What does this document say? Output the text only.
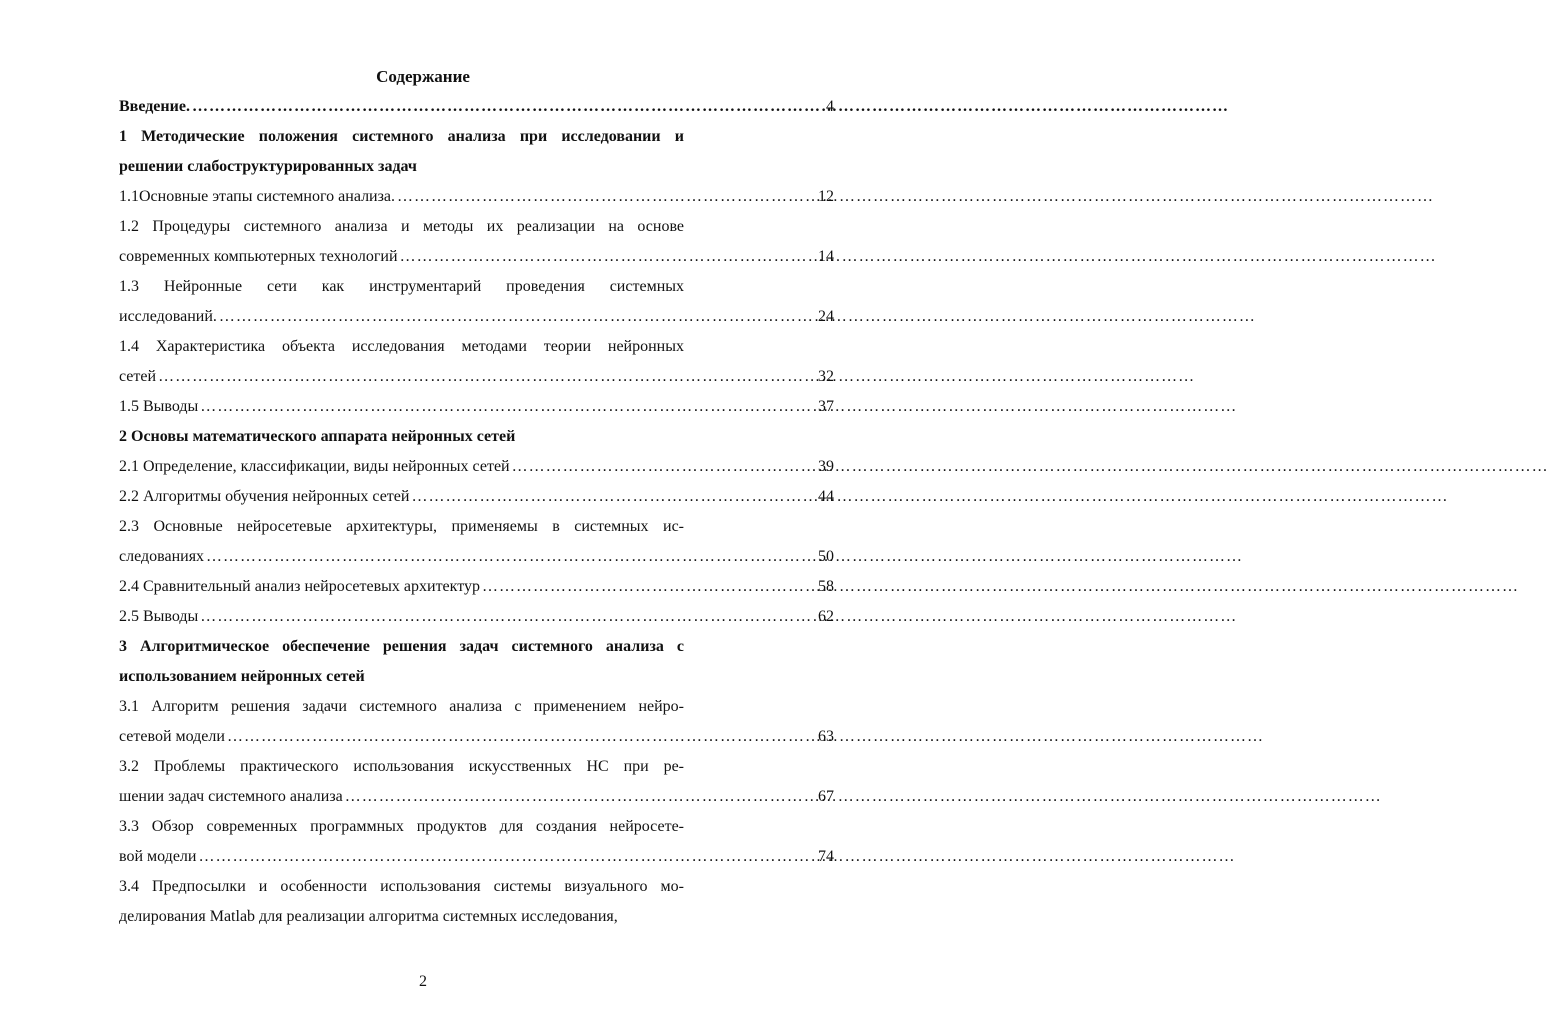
Содержание
Введение. …………………………………………………………………………………………………………………………………………………………………	4
1 Методические положения системного анализа при исследовании и
решении слабоструктурированных задач
1.1Основные этапы системного анализа. …………………………………………………………………………………………………………………………………………………………………	12
1.2 Процедуры системного анализа и методы их реализации на основе
современных компьютерных технологий …………………………………………………………………………………………………………………………………………………………………	14
1.3 Нейронные сети как инструментарий проведения системных
исследований. …………………………………………………………………………………………………………………………………………………………………	24
1.4 Характеристика объекта исследования методами теории нейронных
сетей …………………………………………………………………………………………………………………………………………………………………	32
1.5 Выводы …………………………………………………………………………………………………………………………………………………………………	37
2 Основы математического аппарата нейронных сетей
2.1 Определение, классификации, виды нейронных сетей …………………………………………………………………………………………………………………………………………………………………	39
2.2 Алгоритмы обучения нейронных сетей …………………………………………………………………………………………………………………………………………………………………	44
2.3 Основные нейросетевые архитектуры, применяемы в системных ис-
следованиях …………………………………………………………………………………………………………………………………………………………………	50
2.4 Сравнительный анализ нейросетевых архитектур …………………………………………………………………………………………………………………………………………………………………	58
2.5 Выводы …………………………………………………………………………………………………………………………………………………………………	62
3 Алгоритмическое обеспечение решения задач системного анализа с
использованием нейронных сетей
3.1 Алгоритм решения задачи системного анализа с применением нейро-
сетевой модели …………………………………………………………………………………………………………………………………………………………………	63
3.2 Проблемы практического использования искусственных НС при ре-
шении задач системного анализа …………………………………………………………………………………………………………………………………………………………………	67
3.3 Обзор современных программных продуктов для создания нейросете-
вой модели …………………………………………………………………………………………………………………………………………………………………	74
3.4 Предпосылки и особенности использования системы визуального мо-
делирования Matlab для реализации алгоритма системных исследования,
2
